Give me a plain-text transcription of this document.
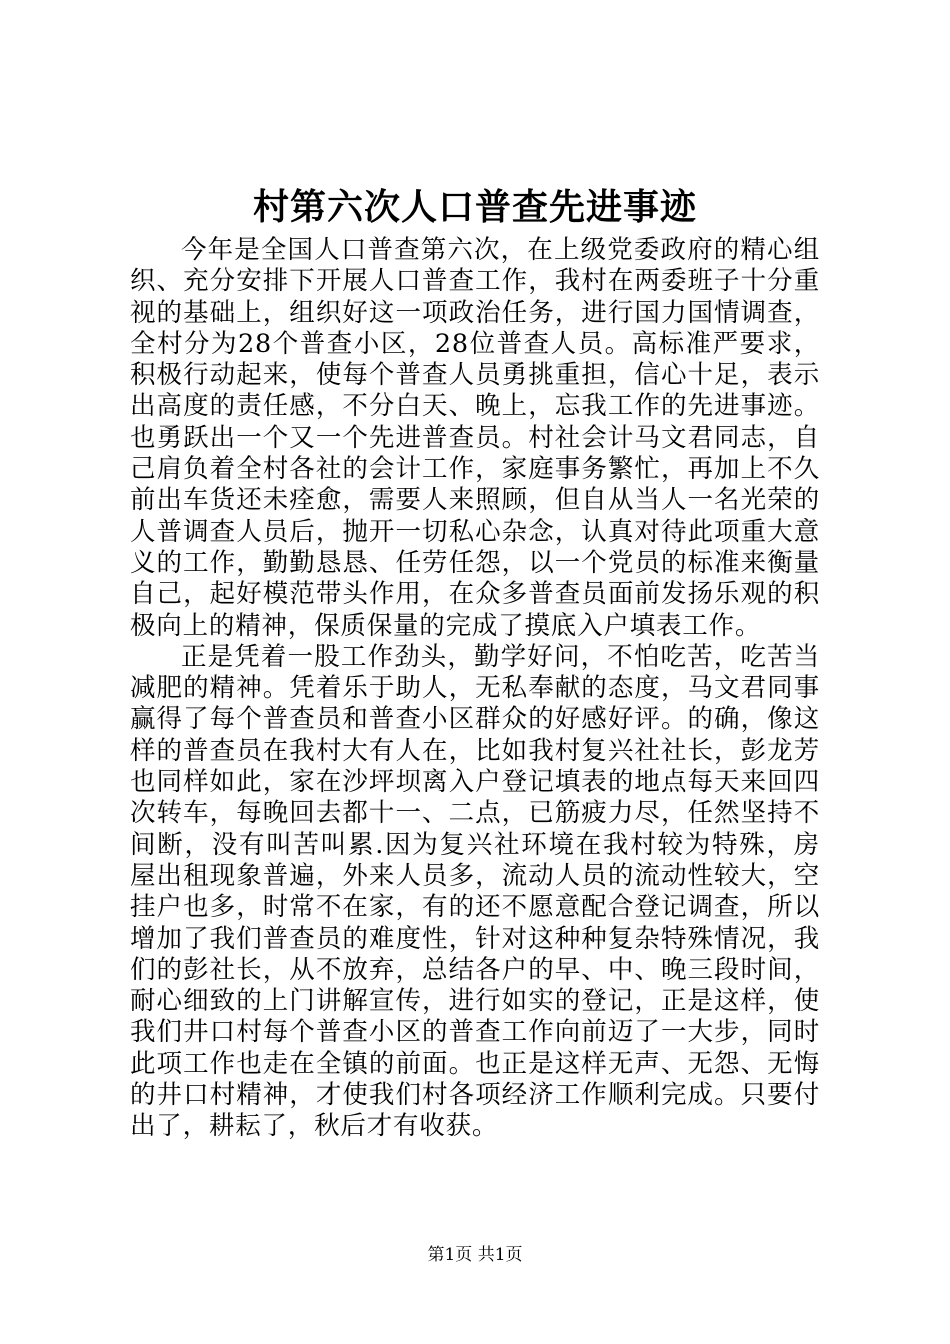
村第六次人口普查先进事迹

今年是全国人口普查第六次，在上级党委政府的精心组织、充分安排下开展人口普查工作，我村在两委班子十分重视的基础上，组织好这一项政治任务，进行国力国情调查，全村分为28个普查小区，28位普查人员。高标准严要求，积极行动起来，使每个普查人员勇挑重担，信心十足，表示出高度的责任感，不分白天、晚上，忘我工作的先进事迹。也勇跃出一个又一个先进普查员。村社会计马文君同志，自己肩负着全村各社的会计工作，家庭事务繁忙，再加上不久前出车货还未痊愈，需要人来照顾，但自从当人一名光荣的人普调查人员后，抛开一切私心杂念，认真对待此项重大意义的工作，勤勤恳恳、任劳任怨，以一个党员的标准来衡量自己，起好模范带头作用，在众多普查员面前发扬乐观的积极向上的精神，保质保量的完成了摸底入户填表工作。

正是凭着一股工作劲头，勤学好问，不怕吃苦，吃苦当减肥的精神。凭着乐于助人，无私奉献的态度，马文君同事赢得了每个普查员和普查小区群众的好感好评。的确，像这样的普查员在我村大有人在，比如我村复兴社社长，彭龙芳也同样如此，家在沙坪坝离入户登记填表的地点每天来回四次转车，每晚回去都十一、二点，已筋疲力尽，任然坚持不间断，没有叫苦叫累.因为复兴社环境在我村较为特殊，房屋出租现象普遍，外来人员多，流动人员的流动性较大，空挂户也多，时常不在家，有的还不愿意配合登记调查，所以增加了我们普查员的难度性，针对这种种复杂特殊情况，我们的彭社长，从不放弃，总结各户的早、中、晚三段时间，耐心细致的上门讲解宣传，进行如实的登记，正是这样，使我们井口村每个普查小区的普查工作向前迈了一大步，同时此项工作也走在全镇的前面。也正是这样无声、无怨、无悔的井口村精神，才使我们村各项经济工作顺利完成。只要付出了，耕耘了，秋后才有收获。

第1页 共1页
